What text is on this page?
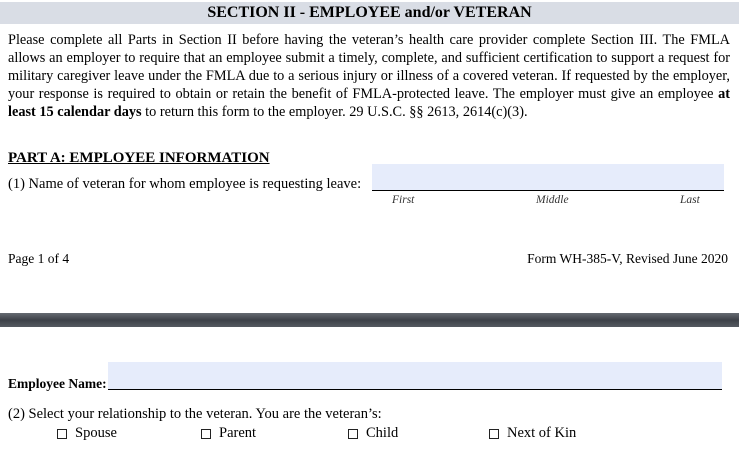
SECTION II - EMPLOYEE and/or VETERAN
Please complete all Parts in Section II before having the veteran’s health care provider complete Section III. The FMLA allows an employer to require that an employee submit a timely, complete, and sufficient certification to support a request for military caregiver leave under the FMLA due to a serious injury or illness of a covered veteran. If requested by the employer, your response is required to obtain or retain the benefit of FMLA-protected leave. The employer must give an employee at least 15 calendar days to return this form to the employer. 29 U.S.C. §§ 2613, 2614(c)(3).
PART A: EMPLOYEE INFORMATION
(1) Name of veteran for whom employee is requesting leave:
First	Middle	Last
Page 1 of 4	Form WH-385-V, Revised June 2020
Employee Name:
(2) Select your relationship to the veteran. You are the veteran’s:
Spouse	Parent	Child	Next of Kin
